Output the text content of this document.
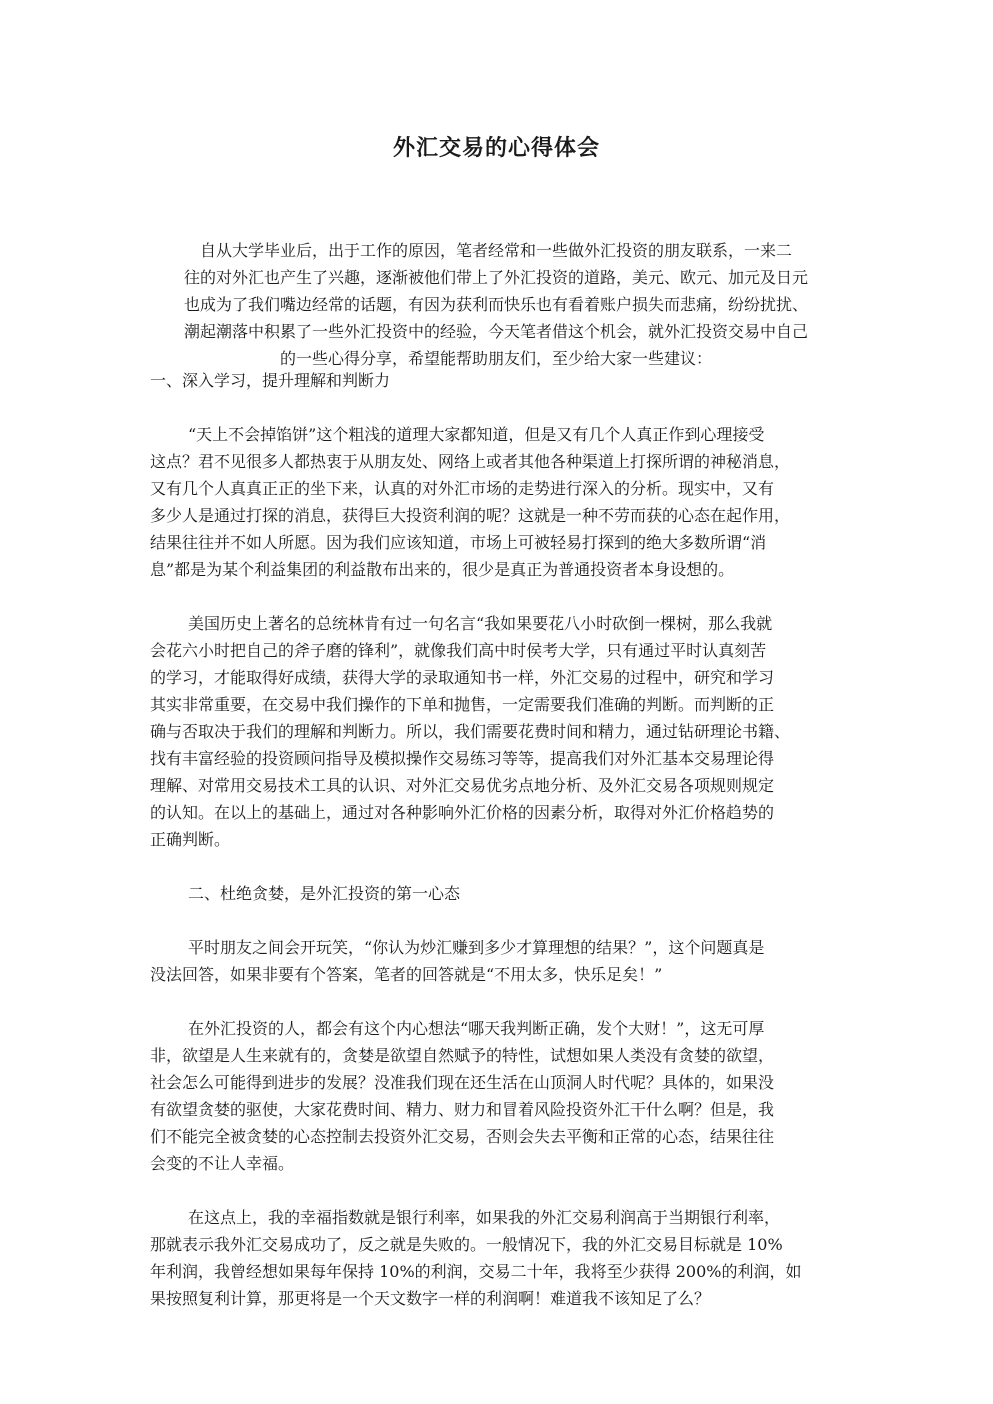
外汇交易的心得体会

自从大学毕业后，出于工作的原因，笔者经常和一些做外汇投资的朋友联系，一来二
往的对外汇也产生了兴趣，逐渐被他们带上了外汇投资的道路，美元、欧元、加元及日元
也成为了我们嘴边经常的话题，有因为获利而快乐也有看着账户损失而悲痛，纷纷扰扰、
潮起潮落中积累了一些外汇投资中的经验，今天笔者借这个机会，就外汇投资交易中自己
的一些心得分享，希望能帮助朋友们，至少给大家一些建议：

一、深入学习，提升理解和判断力

“天上不会掉馅饼”这个粗浅的道理大家都知道，但是又有几个人真正作到心理接受
这点？君不见很多人都热衷于从朋友处、网络上或者其他各种渠道上打探所谓的神秘消息，
又有几个人真真正正的坐下来，认真的对外汇市场的走势进行深入的分析。现实中，又有
多少人是通过打探的消息，获得巨大投资利润的呢？这就是一种不劳而获的心态在起作用，
结果往往并不如人所愿。因为我们应该知道，市场上可被轻易打探到的绝大多数所谓“消
息”都是为某个利益集团的利益散布出来的，很少是真正为普通投资者本身设想的。

美国历史上著名的总统林肯有过一句名言“我如果要花八小时砍倒一棵树，那么我就
会花六小时把自己的斧子磨的锋利”，就像我们高中时侯考大学，只有通过平时认真刻苦
的学习，才能取得好成绩，获得大学的录取通知书一样，外汇交易的过程中，研究和学习
其实非常重要，在交易中我们操作的下单和抛售，一定需要我们准确的判断。而判断的正
确与否取决于我们的理解和判断力。所以，我们需要花费时间和精力，通过钻研理论书籍、
找有丰富经验的投资顾问指导及模拟操作交易练习等等，提高我们对外汇基本交易理论得
理解、对常用交易技术工具的认识、对外汇交易优劣点地分析、及外汇交易各项规则规定
的认知。在以上的基础上，通过对各种影响外汇价格的因素分析，取得对外汇价格趋势的
正确判断。

二、杜绝贪婪，是外汇投资的第一心态

平时朋友之间会开玩笑，“你认为炒汇赚到多少才算理想的结果？”，这个问题真是
没法回答，如果非要有个答案，笔者的回答就是“不用太多，快乐足矣！”

在外汇投资的人，都会有这个内心想法“哪天我判断正确，发个大财！”，这无可厚
非，欲望是人生来就有的，贪婪是欲望自然赋予的特性，试想如果人类没有贪婪的欲望，
社会怎么可能得到进步的发展？没准我们现在还生活在山顶洞人时代呢？具体的，如果没
有欲望贪婪的驱使，大家花费时间、精力、财力和冒着风险投资外汇干什么啊？但是，我
们不能完全被贪婪的心态控制去投资外汇交易，否则会失去平衡和正常的心态，结果往往
会变的不让人幸福。

在这点上，我的幸福指数就是银行利率，如果我的外汇交易利润高于当期银行利率，
那就表示我外汇交易成功了，反之就是失败的。一般情况下，我的外汇交易目标就是 10%
年利润，我曾经想如果每年保持 10%的利润，交易二十年，我将至少获得 200%的利润，如
果按照复利计算，那更将是一个天文数字一样的利润啊！难道我不该知足了么？
